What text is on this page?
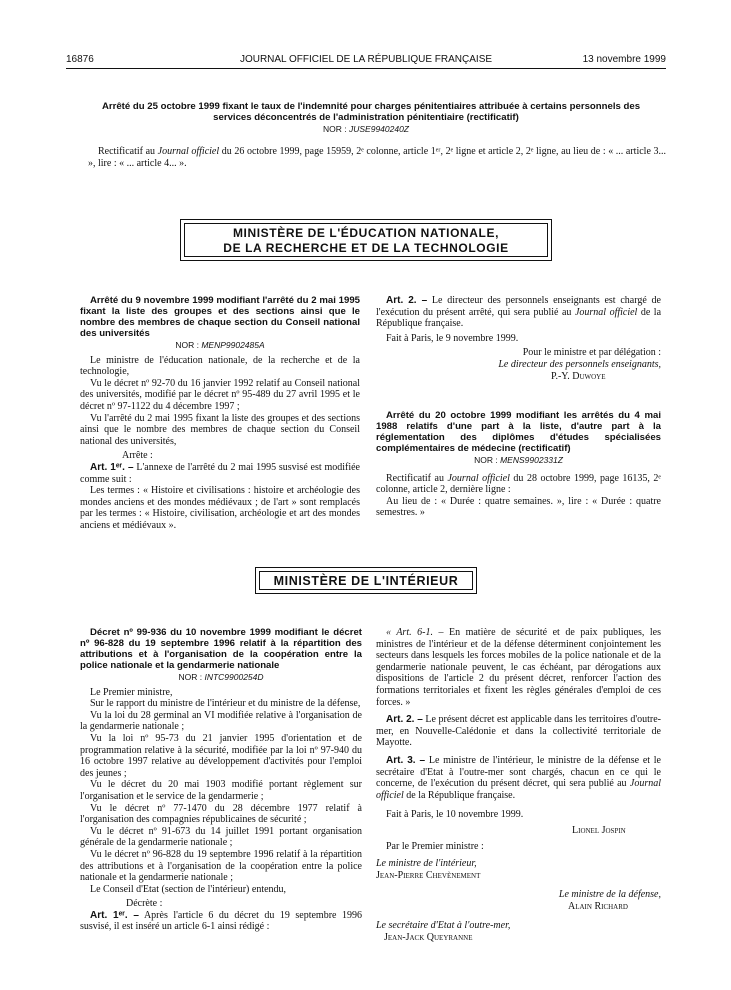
16876	JOURNAL OFFICIEL DE LA RÉPUBLIQUE FRANÇAISE	13 novembre 1999

Arrêté du 25 octobre 1999 fixant le taux de l'indemnité pour charges pénitentiaires attribuée à certains personnels des services déconcentrés de l'administration pénitentiaire (rectificatif)

NOR : JUSE9940240Z

Rectificatif au Journal officiel du 26 octobre 1999, page 15959, 2ᵉ colonne, article 1ᵉʳ, 2ᵉ ligne et article 2, 2ᵉ ligne, au lieu de : « ... article 3... », lire : « ... article 4... ».

MINISTÈRE DE L'ÉDUCATION NATIONALE,
DE LA RECHERCHE ET DE LA TECHNOLOGIE

Arrêté du 9 novembre 1999 modifiant l'arrêté du 2 mai 1995 fixant la liste des groupes et des sections ainsi que le nombre des membres de chaque section du Conseil national des universités

NOR : MENP9902485A

Le ministre de l'éducation nationale, de la recherche et de la technologie,

Vu le décret nº 92-70 du 16 janvier 1992 relatif au Conseil national des universités, modifié par le décret nº 95-489 du 27 avril 1995 et le décret nº 97-1122 du 4 décembre 1997 ;

Vu l'arrêté du 2 mai 1995 fixant la liste des groupes et des sections ainsi que le nombre des membres de chaque section du Conseil national des universités,

Arrête :

Art. 1ᵉʳ. – L'annexe de l'arrêté du 2 mai 1995 susvisé est modifiée comme suit :

Les termes : « Histoire et civilisations : histoire et archéologie des mondes anciens et des mondes médiévaux ; de l'art » sont remplacés par les termes : « Histoire, civilisation, archéologie et art des mondes anciens et médiévaux ».

Art. 2. – Le directeur des personnels enseignants est chargé de l'exécution du présent arrêté, qui sera publié au Journal officiel de la République française.

Fait à Paris, le 9 novembre 1999.

Pour le ministre et par délégation :

Le directeur des personnels enseignants,

P.-Y. Duwoye

Arrêté du 20 octobre 1999 modifiant les arrêtés du 4 mai 1988 relatifs d'une part à la liste, d'autre part à la réglementation des diplômes d'études spécialisées complémentaires de médecine (rectificatif)

NOR : MENS9902331Z

Rectificatif au Journal officiel du 28 octobre 1999, page 16135, 2ᵉ colonne, article 2, dernière ligne :

Au lieu de : « Durée : quatre semaines. », lire : « Durée : quatre semestres. »

MINISTÈRE DE L'INTÉRIEUR

Décret nº 99-936 du 10 novembre 1999 modifiant le décret nº 96-828 du 19 septembre 1996 relatif à la répartition des attributions et à l'organisation de la coopération entre la police nationale et la gendarmerie nationale

NOR : INTC9900254D

Le Premier ministre,

Sur le rapport du ministre de l'intérieur et du ministre de la défense,

Vu la loi du 28 germinal an VI modifiée relative à l'organisation de la gendarmerie nationale ;

Vu la loi nº 95-73 du 21 janvier 1995 d'orientation et de programmation relative à la sécurité, modifiée par la loi nº 97-940 du 16 octobre 1997 relative au développement d'activités pour l'emploi des jeunes ;

Vu le décret du 20 mai 1903 modifié portant règlement sur l'organisation et le service de la gendarmerie ;

Vu le décret nº 77-1470 du 28 décembre 1977 relatif à l'organisation des compagnies républicaines de sécurité ;

Vu le décret nº 91-673 du 14 juillet 1991 portant organisation générale de la gendarmerie nationale ;

Vu le décret nº 96-828 du 19 septembre 1996 relatif à la répartition des attributions et à l'organisation de la coopération entre la police nationale et la gendarmerie nationale ;

Le Conseil d'Etat (section de l'intérieur) entendu,

Décrète :

Art. 1ᵉʳ. – Après l'article 6 du décret du 19 septembre 1996 susvisé, il est inséré un article 6-1 ainsi rédigé :

« Art. 6-1. – En matière de sécurité et de paix publiques, les ministres de l'intérieur et de la défense déterminent conjointement les secteurs dans lesquels les forces mobiles de la police nationale et de la gendarmerie nationale peuvent, le cas échéant, par dérogations aux dispositions de l'article 2 du présent décret, renforcer l'action des formations territoriales et fixent les règles générales d'emploi de ces forces. »

Art. 2. – Le présent décret est applicable dans les territoires d'outre-mer, en Nouvelle-Calédonie et dans la collectivité territoriale de Mayotte.

Art. 3. – Le ministre de l'intérieur, le ministre de la défense et le secrétaire d'Etat à l'outre-mer sont chargés, chacun en ce qui le concerne, de l'exécution du présent décret, qui sera publié au Journal officiel de la République française.

Fait à Paris, le 10 novembre 1999.

Lionel Jospin

Par le Premier ministre :

Le ministre de l'intérieur,

Jean-Pierre Chevènement

Le ministre de la défense,

Alain Richard

Le secrétaire d'Etat à l'outre-mer,

Jean-Jack Queyranne
